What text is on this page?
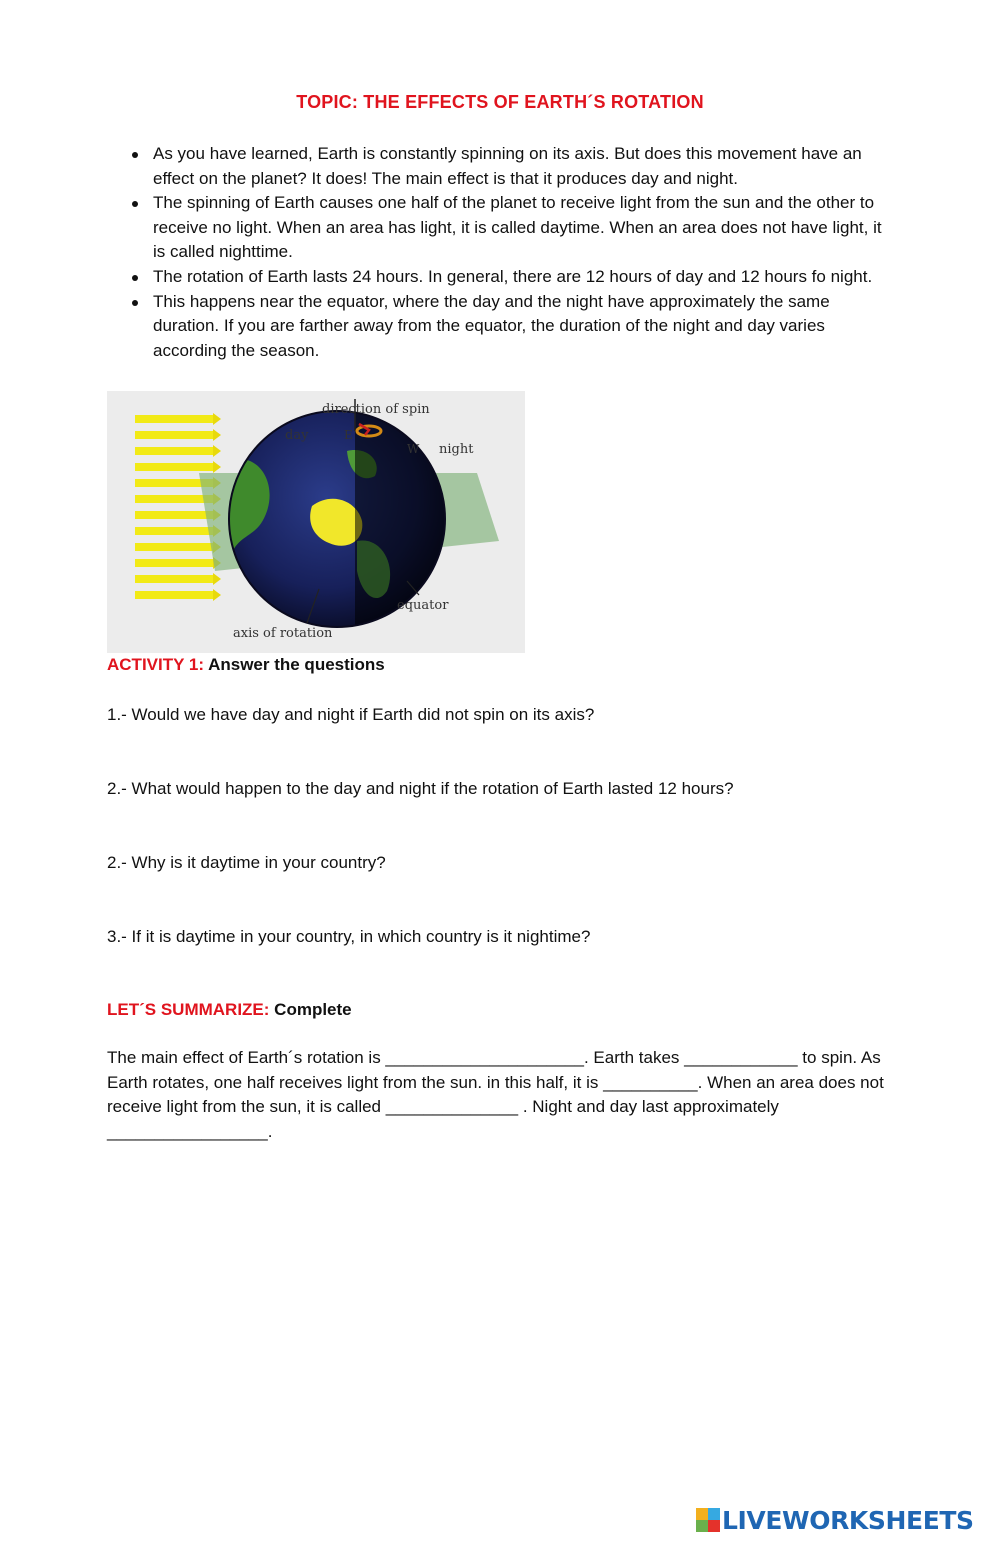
TOPIC: THE EFFECTS OF EARTH´S ROTATION
As you have learned, Earth is constantly spinning on its axis. But does this movement have an effect on the planet? It does! The main effect is that it produces day and night.
The spinning of Earth causes one half of the planet to receive light from the sun and the other to receive no light. When an area has light, it is called daytime. When an area does not have light, it is called nighttime.
The rotation of Earth lasts 24 hours. In general, there are 12 hours of day and 12 hours fo night.
This happens near the equator, where the day and the night have approximately the same duration. If you are farther away from the equator, the duration of the night and day varies according the season.
direction of spin
day	E
W night
equator
axis of rotation
ACTIVITY 1: Answer the questions
1.- Would we have day and night if Earth did not spin on its axis?
2.- What would happen to the day and night if the rotation of Earth lasted 12 hours?
2.- Why is it daytime in your country?
3.- If it is daytime in your country, in which country is it nightime?
LET´S SUMMARIZE: Complete
The main effect of Earth´s rotation is _____________________. Earth takes ____________ to spin. As Earth rotates, one half receives light from the sun. in this half, it is __________. When an area does not receive light from the sun, it is called ______________ . Night and day last approximately _________________.
LIVEWORKSHEETS
